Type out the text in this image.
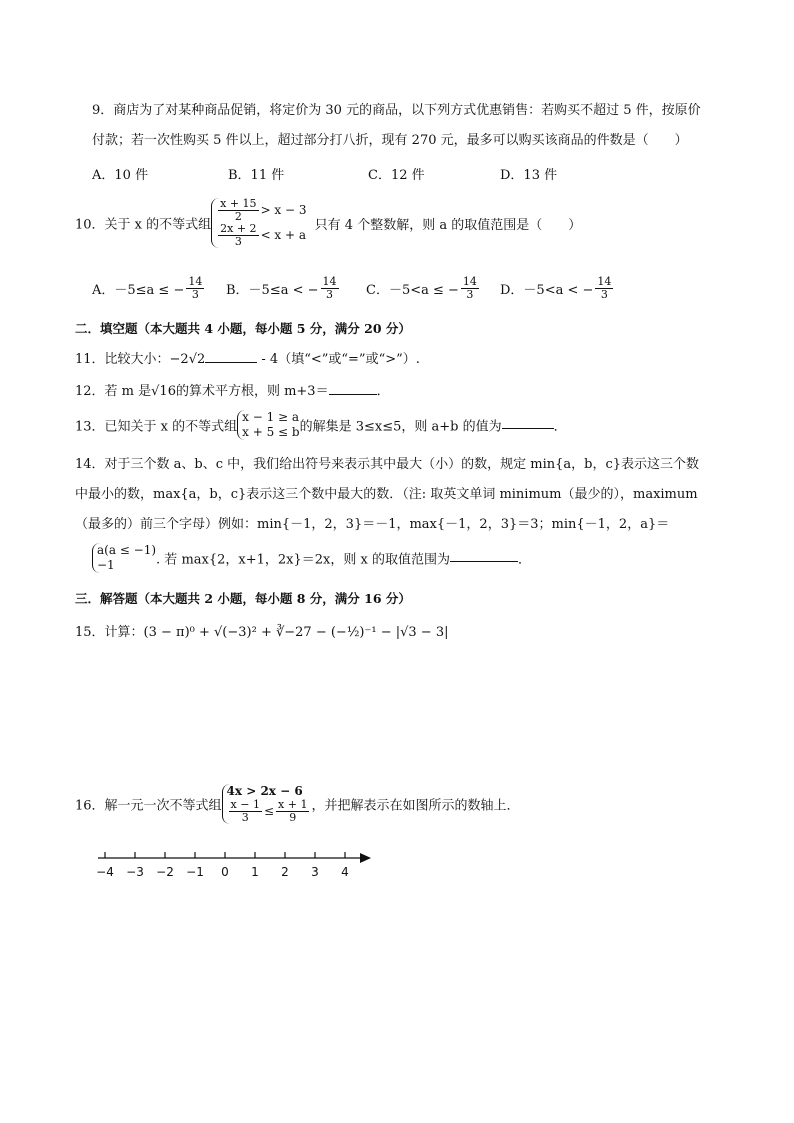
9．商店为了对某种商品促销，将定价为 30 元的商品，以下列方式优惠销售：若购买不超过 5 件，按原价
付款；若一次性购买 5 件以上，超过部分打八折，现有 270 元，最多可以购买该商品的件数是（　　）
A．10 件	B．11 件	C．12 件	D．13 件
10．关于 x 的不等式组
$\frac{x + 15}{2} > x - 3$
$\frac{2x + 2}{3} < x + a$
只有 4 个整数解，则 a 的取值范围是（　　）
A．－5≤a ≤ − $\frac{14}{3}$ B．－5≤a < − $\frac{14}{3}$ C．－5<a ≤ − $\frac{14}{3}$ D．－5<a < − $\frac{14}{3}$
二．填空题（本大题共 4 小题，每小题 5 分，满分 20 分）
11．比较大小：−2√2	- 4（填“<”或“=”或“>”）.
12．若 m 是√16的算术平方根，则 m+3＝	．
13．已知关于 x 的不等式组
x − 1 ≥ a
x + 5 ≤ b 的解集是 3≤x≤5，则 a+b 的值为	．
14．对于三个数 a、b、c 中，我们给出符号来表示其中最大（小）的数，规定 min{a，b，c}表示这三个数
中最小的数，max{a，b，c}表示这三个数中最大的数．（注: 取英文单词 minimum（最少的），maximum
（最多的）前三个字母）例如：min{－1，2，3}＝－1，max{－1，2，3}＝3；min{－1，2，a}＝
a(a ≤ −1)
−1	. 若 max{2，x+1，2x}＝2x，则 x 的取值范围为	．
三．解答题（本大题共 2 小题，每小题 8 分，满分 16 分）
15．计算：(3 − π)⁰ + √(−3)² + ∛−27 − (−½)⁻¹ − |√3 − 3|
16．解一元一次不等式组
4x > 2x − 6
$\frac{x - 1}{3} \le \frac{x + 1}{9}$ ，并把解表示在如图所示的数轴上．
−4 −3 −2 −1 0 1 2 3 4
